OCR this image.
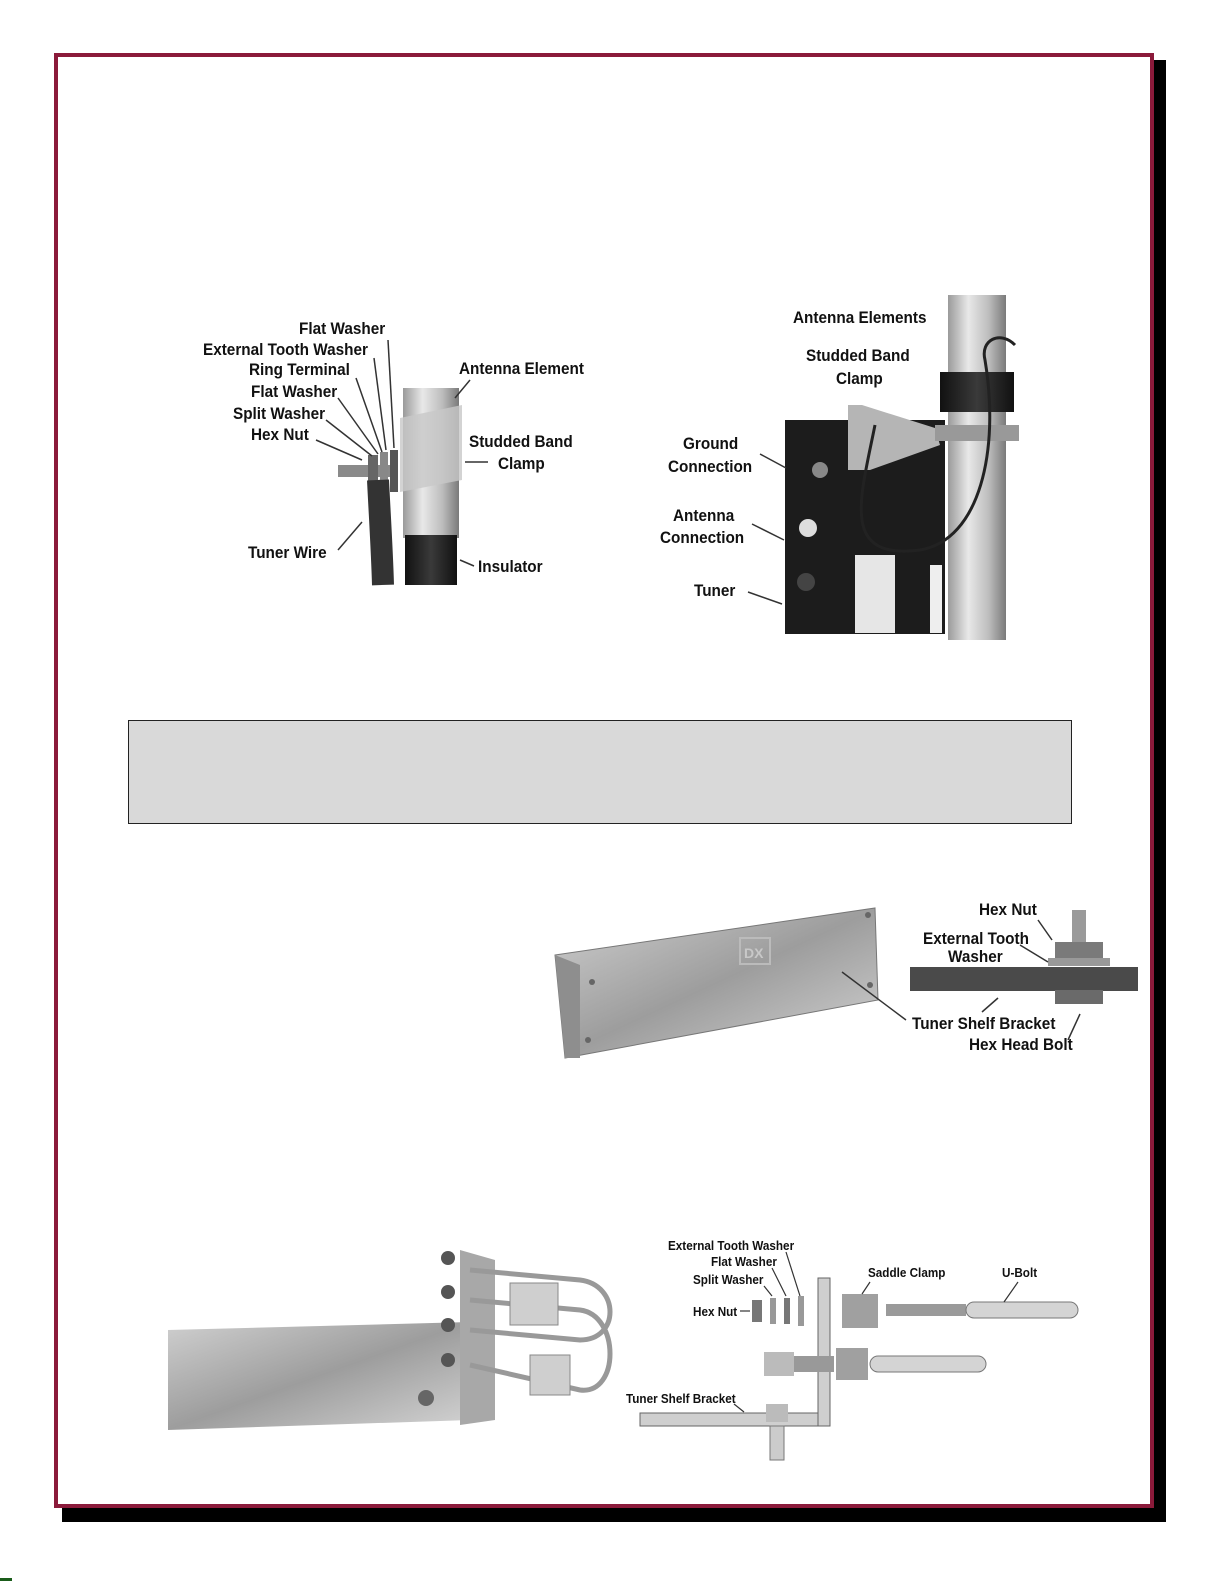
Flat Washer
External Tooth Washer
Ring Terminal
Flat Washer
Split Washer
Hex Nut
Tuner Wire
Antenna Element
Studded Band
Clamp
Insulator
Antenna Elements
Studded Band
Clamp
Ground
Connection
Antenna
Connection
Tuner
DX
Hex Nut
External Tooth
Washer
Tuner Shelf Bracket
Hex Head Bolt
External Tooth Washer
Flat Washer
Split Washer
Hex Nut
Saddle Clamp	U-Bolt
Tuner Shelf Bracket
